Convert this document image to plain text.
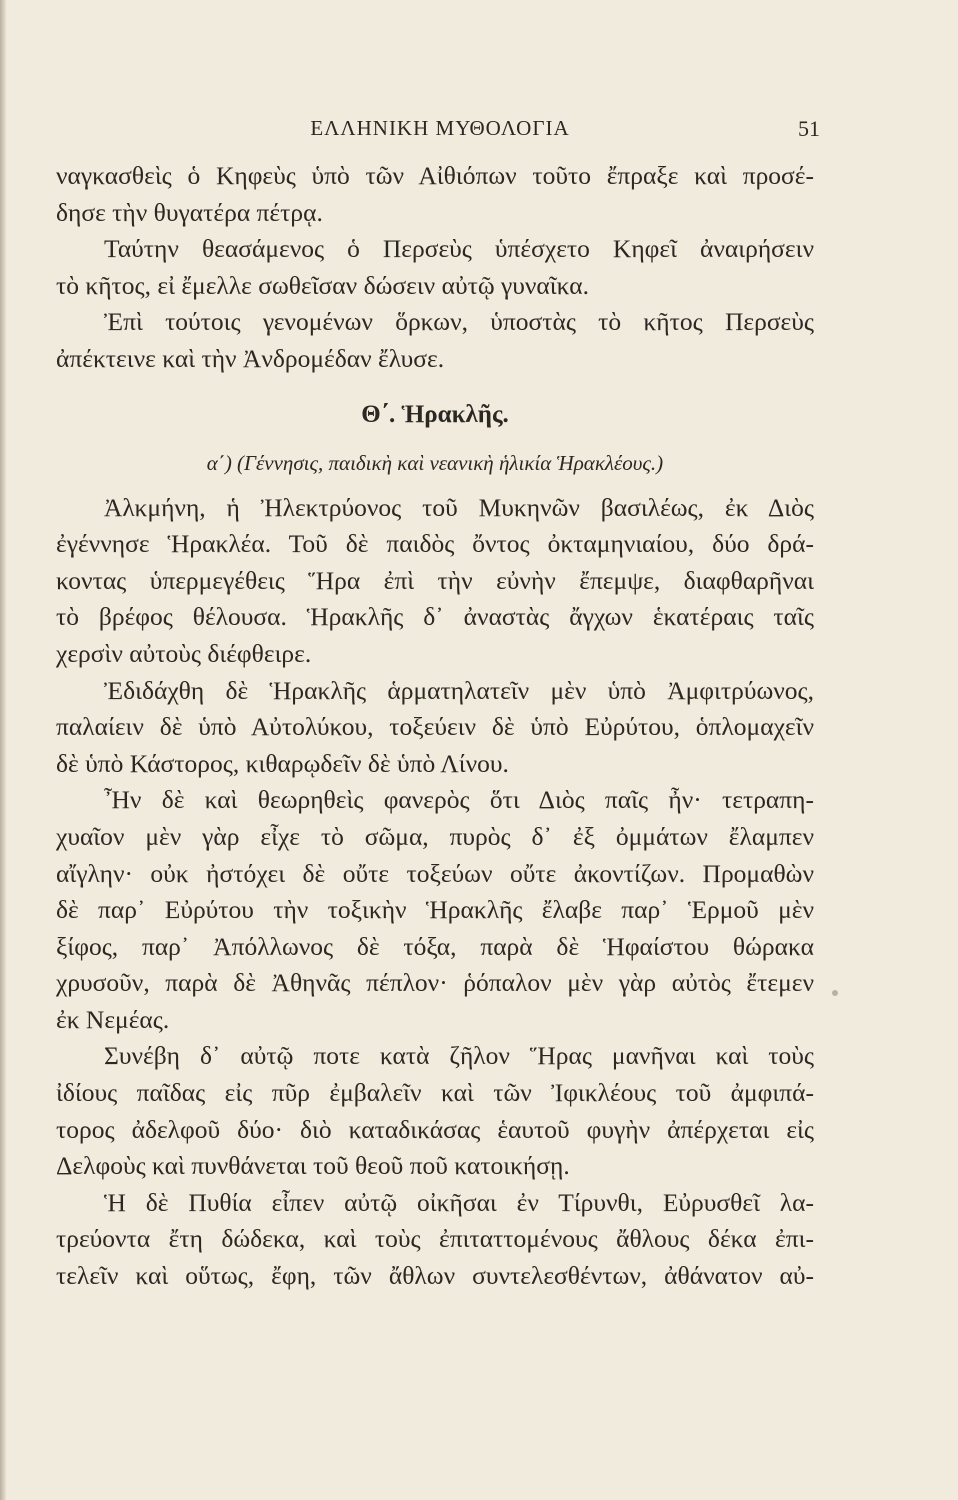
ΕΛΛΗΝΙΚΗ ΜΥΘΟΛΟΓΙΑ	51
ναγκασθεὶς ὁ Κηφεὺς ὑπὸ τῶν Αἰθιόπων τοῦτο ἔπραξε καὶ προσέ-
δησε τὴν θυγατέρα πέτρᾳ.
Ταύτην θεασάμενος ὁ Περσεὺς ὑπέσχετο Κηφεῖ ἀναιρήσειν
τὸ κῆτος, εἰ ἔμελλε σωθεῖσαν δώσειν αὐτῷ γυναῖκα.
Ἐπὶ τούτοις γενομένων ὅρκων, ὑποστὰς τὸ κῆτος Περσεὺς
ἀπέκτεινε καὶ τὴν Ἀνδρομέδαν ἔλυσε.
Θ΄. Ἡρακλῆς.
α΄) (Γέννησις, παιδικὴ καὶ νεανικὴ ἡλικία Ἡρακλέους.)
Ἀλκμήνη, ἡ Ἠλεκτρύονος τοῦ Μυκηνῶν βασιλέως, ἐκ Διὸς
ἐγέννησε Ἡρακλέα. Τοῦ δὲ παιδὸς ὄντος ὀκταμηνιαίου, δύο δρά-
κοντας ὑπερμεγέθεις Ἥρα ἐπὶ τὴν εὐνὴν ἔπεμψε, διαφθαρῆναι
τὸ βρέφος θέλουσα. Ἡρακλῆς δ᾽ ἀναστὰς ἄγχων ἑκατέραις ταῖς
χερσὶν αὐτοὺς διέφθειρε.
Ἐδιδάχθη δὲ Ἡρακλῆς ἁρματηλατεῖν μὲν ὑπὸ Ἀμφιτρύωνος,
παλαίειν δὲ ὑπὸ Αὐτολύκου, τοξεύειν δὲ ὑπὸ Εὐρύτου, ὁπλομαχεῖν
δὲ ὑπὸ Κάστορος, κιθαρῳδεῖν δὲ ὑπὸ Λίνου.
Ἦν δὲ καὶ θεωρηθεὶς φανερὸς ὅτι Διὸς παῖς ἦν· τετραπη-
χυαῖον μὲν γὰρ εἶχε τὸ σῶμα, πυρὸς δ᾽ ἐξ ὀμμάτων ἔλαμπεν
αἴγλην· οὐκ ἠστόχει δὲ οὔτε τοξεύων οὔτε ἀκοντίζων. Προμαθὼν
δὲ παρ᾽ Εὐρύτου τὴν τοξικὴν Ἡρακλῆς ἔλαβε παρ᾽ Ἑρμοῦ μὲν
ξίφος, παρ᾽ Ἀπόλλωνος δὲ τόξα, παρὰ δὲ Ἡφαίστου θώρακα
χρυσοῦν, παρὰ δὲ Ἀθηνᾶς πέπλον· ῥόπαλον μὲν γὰρ αὐτὸς ἔτεμεν
ἐκ Νεμέας.
Συνέβη δ᾽ αὐτῷ ποτε κατὰ ζῆλον Ἥρας μανῆναι καὶ τοὺς
ἰδίους παῖδας εἰς πῦρ ἐμβαλεῖν καὶ τῶν Ἰφικλέους τοῦ ἀμφιπά-
τορος ἀδελφοῦ δύο· διὸ καταδικάσας ἑαυτοῦ φυγὴν ἀπέρχεται εἰς
Δελφοὺς καὶ πυνθάνεται τοῦ θεοῦ ποῦ κατοικήσῃ.
Ἡ δὲ Πυθία εἶπεν αὐτῷ οἰκῆσαι ἐν Τίρυνθι, Εὐρυσθεῖ λα-
τρεύοντα ἔτη δώδεκα, καὶ τοὺς ἐπιταττομένους ἄθλους δέκα ἐπι-
τελεῖν καὶ οὕτως, ἔφη, τῶν ἄθλων συντελεσθέντων, ἀθάνατον αὐ-
